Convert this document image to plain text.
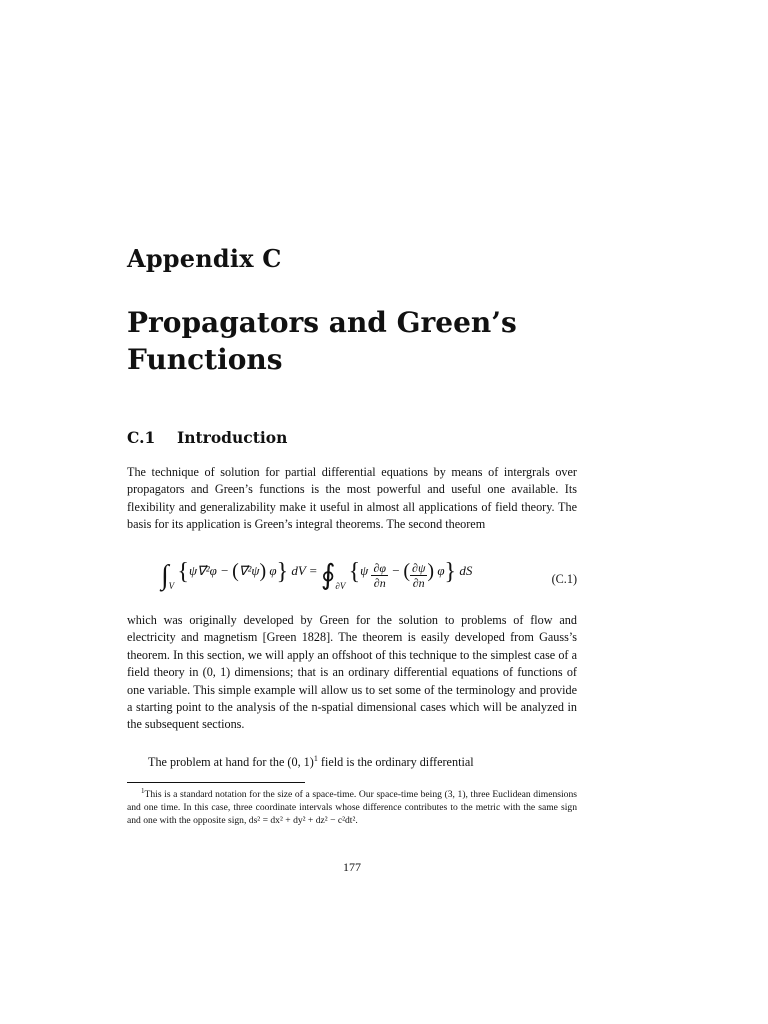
Appendix C
Propagators and Green’s Functions
C.1 Introduction
The technique of solution for partial differential equations by means of intergrals over propagators and Green’s functions is the most powerful and useful one available. Its flexibility and generalizability make it useful in almost all applications of field theory. The basis for its application is Green’s integral theorems. The second theorem
$\int_V$ {ψ∇⃗²φ − (∇⃗²ψ) φ} dV = $∮_{\partial V}$ {$\psi \frac{\partial\varphi}{\partial n}$ − ( $\frac{\partial\psi}{\partial n}$ ) φ} dS
(C.1)
which was originally developed by Green for the solution to problems of flow and electricity and magnetism [Green 1828]. The theorem is easily developed from Gauss’s theorem. In this section, we will apply an offshoot of this technique to the simplest case of a field theory in (0, 1) dimensions; that is an ordinary differential equations of functions of one variable. This simple example will allow us to set some of the terminology and provide a starting point to the analysis of the n-spatial dimensional cases which will be analyzed in the subsequent sections.
The problem at hand for the (0, 1)$^1$ field is the ordinary differential
$^1$This is a standard notation for the size of a space-time. Our space-time being (3, 1), three Euclidean dimensions and one time. In this case, three coordinate intervals whose difference contributes to the metric with the same sign and one with the opposite sign, ds² = dx² + dy² + dz² − c²dt².
177
